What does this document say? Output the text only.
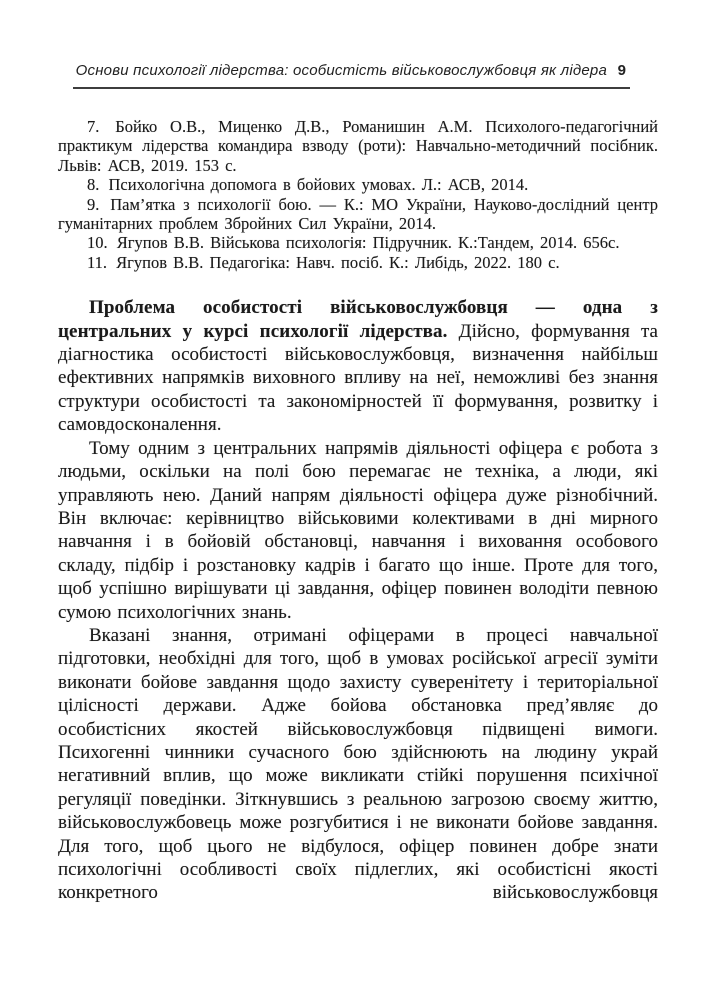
Основи психології лідерства: особистість військовослужбовця як лідера 9

7. Бойко О.В., Миценко Д.В., Романишин А.М. Психолого-педагогічний практикум лідерства командира взводу (роти): Навчально-методичний посібник. Львів: АСВ, 2019. 153 с.

8. Психологічна допомога в бойових умовах. Л.: АСВ, 2014.

9. Пам’ятка з психології бою. — К.: МО України, Науково-дослідний центр гуманітарних проблем Збройних Сил України, 2014.

10. Ягупов В.В. Військова психологія: Підручник. К.:Тандем, 2014. 656с.

11. Ягупов В.В. Педагогіка: Навч. посіб. К.: Либідь, 2022. 180 с.

Проблема особистості військовослужбовця — одна з центральних у курсі психології лідерства. Дійсно, формування та діагностика особистості військовослужбовця, визначення найбільш ефективних напрямків виховного впливу на неї, неможливі без знання структури особистості та закономірностей її формування, розвитку і самовдосконалення.

Тому одним з центральних напрямів діяльності офіцера є робота з людьми, оскільки на полі бою перемагає не техніка, а люди, які управляють нею. Даний напрям діяльності офіцера дуже різнобічний. Він включає: керівництво військовими колективами в дні мирного навчання і в бойовій обстановці, навчання і виховання особового складу, підбір і розстановку кадрів і багато що інше. Проте для того, щоб успішно вирішувати ці завдання, офіцер повинен володіти певною сумою психологічних знань.

Вказані знання, отримані офіцерами в процесі навчальної підготовки, необхідні для того, щоб в умовах російської агресії зуміти виконати бойове завдання щодо захисту суверенітету і територіальної цілісності держави. Адже бойова обстановка пред’являє до особистісних якостей військовослужбовця підвищені вимоги. Психогенні чинники сучасного бою здійснюють на людину украй негативний вплив, що може викликати стійкі порушення психічної регуляції поведінки. Зіткнувшись з реальною загрозою своєму життю, військовослужбовець може розгубитися і не виконати бойове завдання. Для того, щоб цього не відбулося, офіцер повинен добре знати психологічні особливості своїх підлеглих, які особистісні якості конкретного військовослужбовця
